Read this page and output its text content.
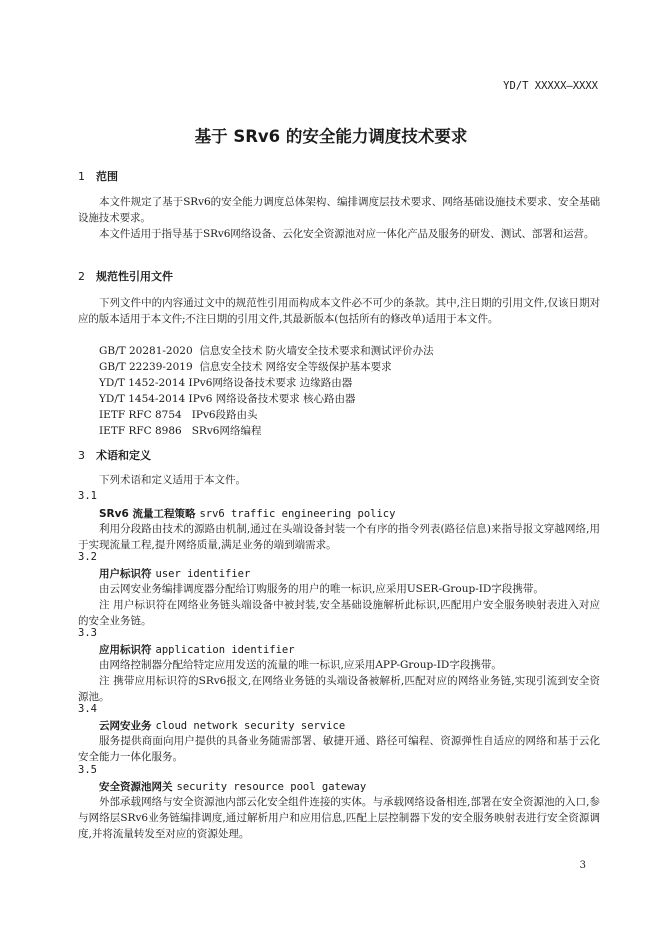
YD/T XXXXX—XXXX
基于 SRv6 的安全能力调度技术要求
1 范围

本文件规定了基于SRv6的安全能力调度总体架构、编排调度层技术要求、网络基础设施技术要求、安全基础设施技术要求。

本文件适用于指导基于SRv6网络设备、云化安全资源池对应一体化产品及服务的研发、测试、部署和运营。

2 规范性引用文件

下列文件中的内容通过文中的规范性引用而构成本文件必不可少的条款。其中,注日期的引用文件,仅该日期对应的版本适用于本文件;不注日期的引用文件,其最新版本(包括所有的修改单)适用于本文件。

GB/T 20281-2020  信息安全技术 防火墙安全技术要求和测试评价办法
GB/T 22239-2019  信息安全技术 网络安全等级保护基本要求
YD/T 1452-2014 IPv6网络设备技术要求 边缘路由器
YD/T 1454-2014 IPv6 网络设备技术要求 核心路由器
IETF RFC 8754   IPv6段路由头
IETF RFC 8986   SRv6网络编程
3 术语和定义

下列术语和定义适用于本文件。

3.1
SRv6 流量工程策略 srv6 traffic engineering policy

利用分段路由技术的源路由机制,通过在头端设备封装一个有序的指令列表(路径信息)来指导报文穿越网络,用于实现流量工程,提升网络质量,满足业务的端到端需求。

3.2
用户标识符 user identifier

由云网安业务编排调度器分配给订购服务的用户的唯一标识,应采用USER-Group-ID字段携带。

注 用户标识符在网络业务链头端设备中被封装,安全基础设施解析此标识,匹配用户安全服务映射表进入对应的安全业务链。

3.3
应用标识符 application identifier

由网络控制器分配给特定应用发送的流量的唯一标识,应采用APP-Group-ID字段携带。

注 携带应用标识符的SRv6报文,在网络业务链的头端设备被解析,匹配对应的网络业务链,实现引流到安全资源池。

3.4
云网安业务 cloud network security service

服务提供商面向用户提供的具备业务随需部署、敏捷开通、路径可编程、资源弹性自适应的网络和基于云化安全能力一体化服务。

3.5
安全资源池网关 security resource pool gateway

外部承载网络与安全资源池内部云化安全组件连接的实体。与承载网络设备相连,部署在安全资源池的入口,参与网络层SRv6业务链编排调度,通过解析用户和应用信息,匹配上层控制器下发的安全服务映射表进行安全资源调度,并将流量转发至对应的资源处理。

3
